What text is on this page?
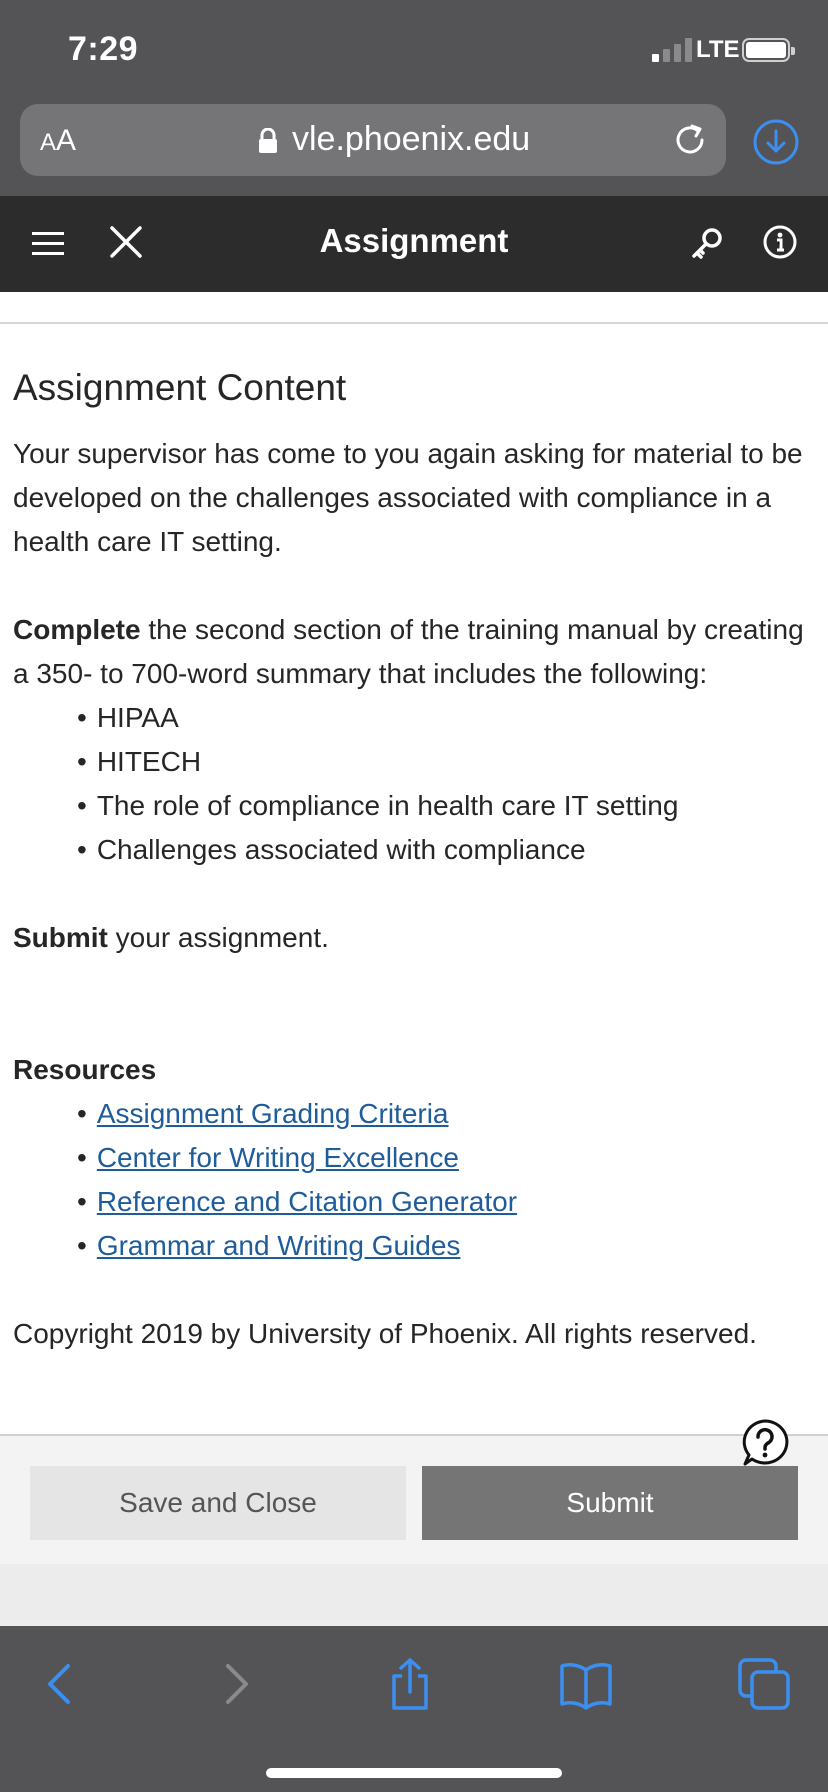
7:29	LTE
AA	vle.phoenix.edu
Assignment
Assignment Content

Your supervisor has come to you again asking for material to be developed on the challenges associated with compliance in a health care IT setting.

Complete the second section of the training manual by creating a 350- to 700-word summary that includes the following:

• HIPAA
• HITECH
• The role of compliance in health care IT setting
• Challenges associated with compliance

Submit your assignment.

Resources

• Assignment Grading Criteria
• Center for Writing Excellence
• Reference and Citation Generator
• Grammar and Writing Guides

Copyright 2019 by University of Phoenix. All rights reserved.

Save and Close	Submit
